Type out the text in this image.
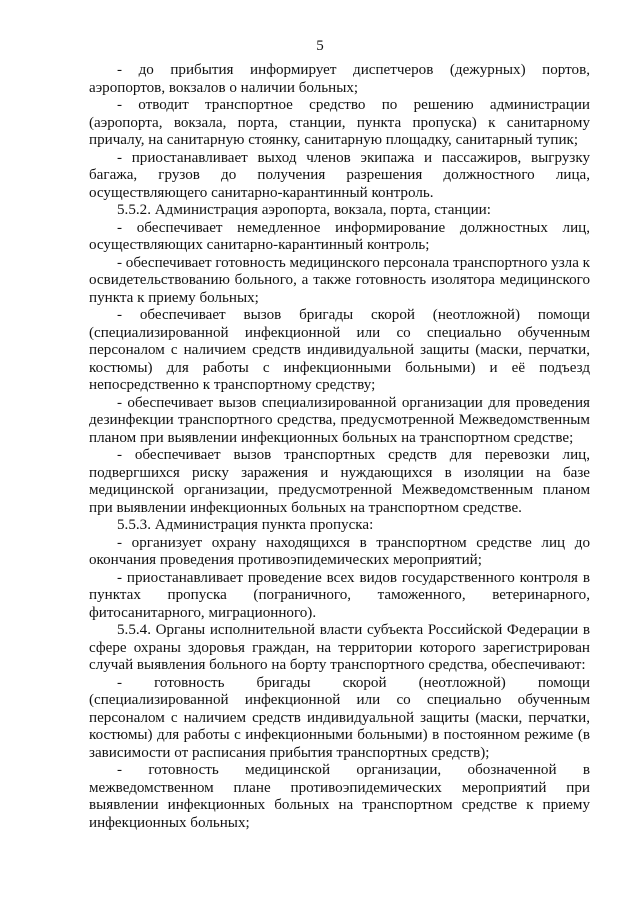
5

- до прибытия информирует диспетчеров (дежурных) портов, аэропортов, вокзалов о наличии больных;

- отводит транспортное средство по решению администрации (аэропорта, вокзала, порта, станции, пункта пропуска) к санитарному причалу, на санитарную стоянку, санитарную площадку, санитарный тупик;

- приостанавливает выход членов экипажа и пассажиров, выгрузку багажа, грузов до получения разрешения должностного лица, осуществляющего санитарно-карантинный контроль.

5.5.2. Администрация аэропорта, вокзала, порта, станции:

- обеспечивает немедленное информирование должностных лиц, осуществляющих санитарно-карантинный контроль;

- обеспечивает готовность медицинского персонала транспортного узла к освидетельствованию больного, а также готовность изолятора медицинского пункта к приему больных;

- обеспечивает вызов бригады скорой (неотложной) помощи (специализированной инфекционной или со специально обученным персоналом с наличием средств индивидуальной защиты (маски, перчатки, костюмы) для работы с инфекционными больными) и её подъезд непосредственно к транспортному средству;

- обеспечивает вызов специализированной организации для проведения дезинфекции транспортного средства, предусмотренной Межведомственным планом при выявлении инфекционных больных на транспортном средстве;

- обеспечивает вызов транспортных средств для перевозки лиц, подвергшихся риску заражения и нуждающихся в изоляции на базе медицинской организации, предусмотренной Межведомственным планом при выявлении инфекционных больных на транспортном средстве.

5.5.3. Администрация пункта пропуска:

- организует охрану находящихся в транспортном средстве лиц до окончания проведения противоэпидемических мероприятий;

- приостанавливает проведение всех видов государственного контроля в пунктах пропуска (пограничного, таможенного, ветеринарного, фитосанитарного, миграционного).

5.5.4. Органы исполнительной власти субъекта Российской Федерации в сфере охраны здоровья граждан, на территории которого зарегистрирован случай выявления больного на борту транспортного средства, обеспечивают:

- готовность бригады скорой (неотложной) помощи (специализированной инфекционной или со специально обученным персоналом с наличием средств индивидуальной защиты (маски, перчатки, костюмы) для работы с инфекционными больными) в постоянном режиме (в зависимости от расписания прибытия транспортных средств);

- готовность медицинской организации, обозначенной в межведомственном плане противоэпидемических мероприятий при выявлении инфекционных больных на транспортном средстве к приему инфекционных больных;
